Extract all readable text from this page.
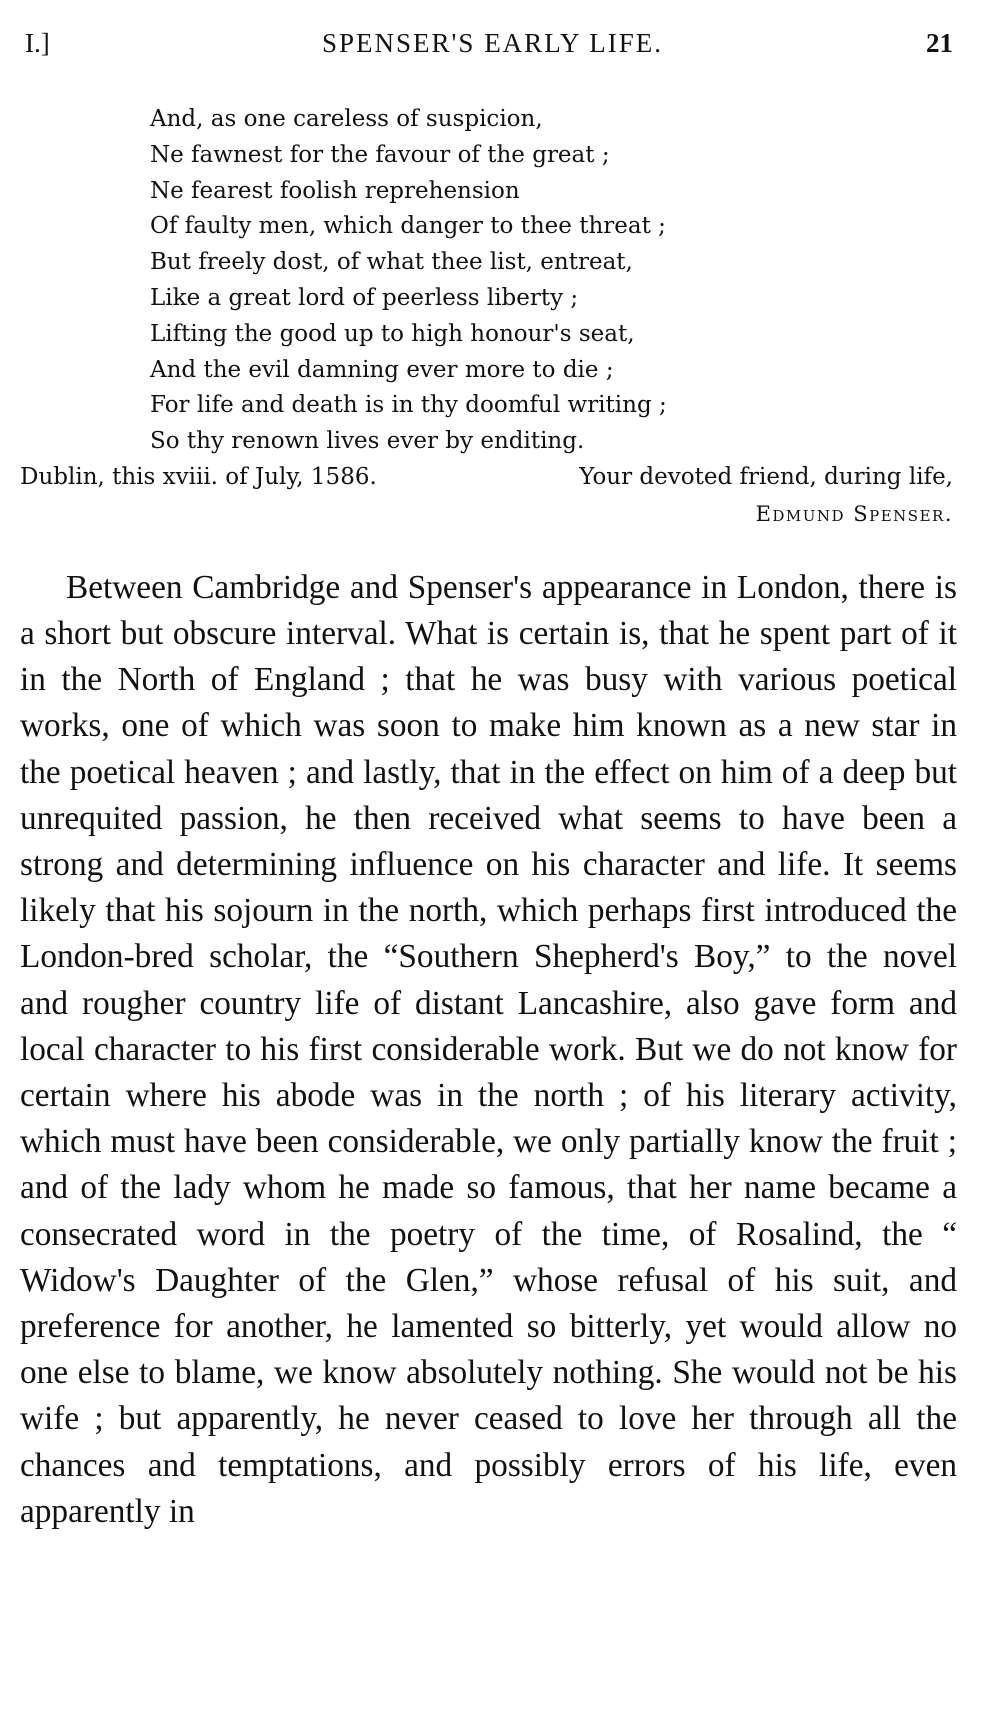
I.]	SPENSER'S EARLY LIFE.	21
And, as one careless of suspicion,
Ne fawnest for the favour of the great ;
Ne fearest foolish reprehension
Of faulty men, which danger to thee threat ;
But freely dost, of what thee list, entreat,
Like a great lord of peerless liberty ;
Lifting the good up to high honour's seat,
And the evil damning ever more to die ;
For life and death is in thy doomful writing ;
So thy renown lives ever by enditing.
Dublin, this xviii. of July, 1586.	Your devoted friend, during life,
Edmund Spenser.
Between Cambridge and Spenser's appearance in London, there is a short but obscure interval. What is certain is, that he spent part of it in the North of England ; that he was busy with various poetical works, one of which was soon to make him known as a new star in the poetical heaven ; and lastly, that in the effect on him of a deep but unrequited passion, he then received what seems to have been a strong and determining influence on his character and life. It seems likely that his sojourn in the north, which perhaps first introduced the London-bred scholar, the “Southern Shepherd's Boy,” to the novel and rougher country life of distant Lancashire, also gave form and local character to his first considerable work. But we do not know for certain where his abode was in the north ; of his literary activity, which must have been considerable, we only partially know the fruit ; and of the lady whom he made so famous, that her name became a consecrated word in the poetry of the time, of Rosalind, the “ Widow's Daughter of the Glen,” whose refusal of his suit, and preference for another, he lamented so bitterly, yet would allow no one else to blame, we know absolutely nothing. She would not be his wife ; but apparently, he never ceased to love her through all the chances and temptations, and possibly errors of his life, even apparently in
